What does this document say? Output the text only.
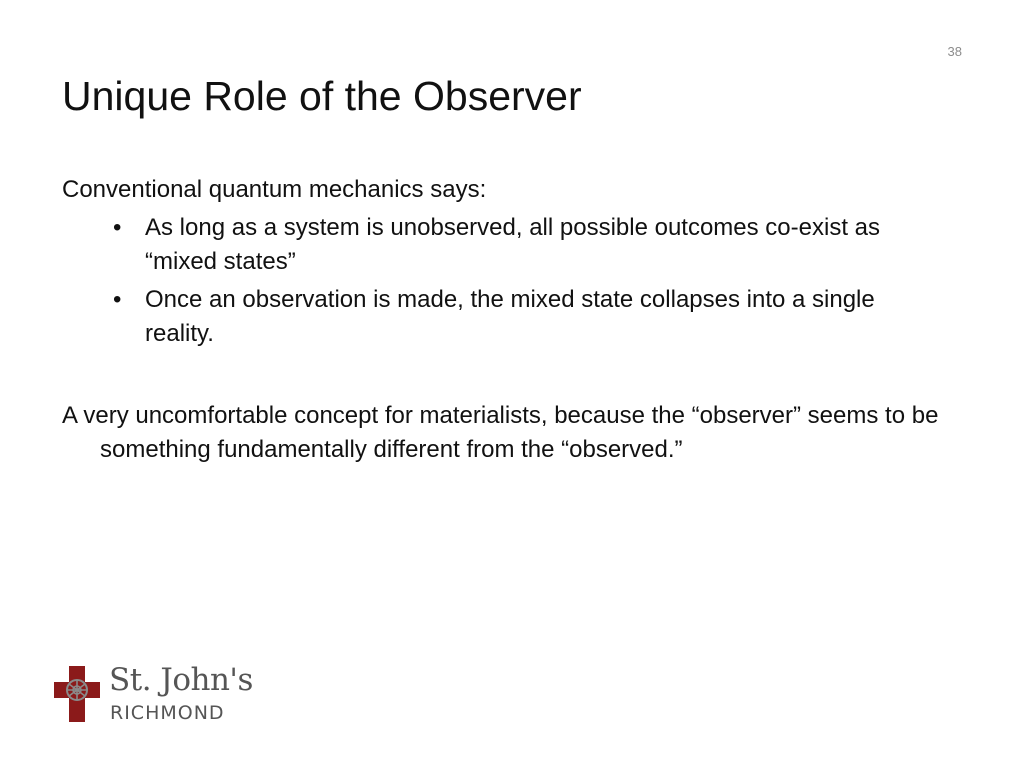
38
Unique Role of the Observer

Conventional quantum mechanics says:

• As long as a system is unobserved, all possible outcomes co-exist as “mixed states”
• Once an observation is made, the mixed state collapses into a single reality.

A very uncomfortable concept for materialists, because the “observer” seems to be something fundamentally different from the “observed.”

St. John's
RICHMOND
